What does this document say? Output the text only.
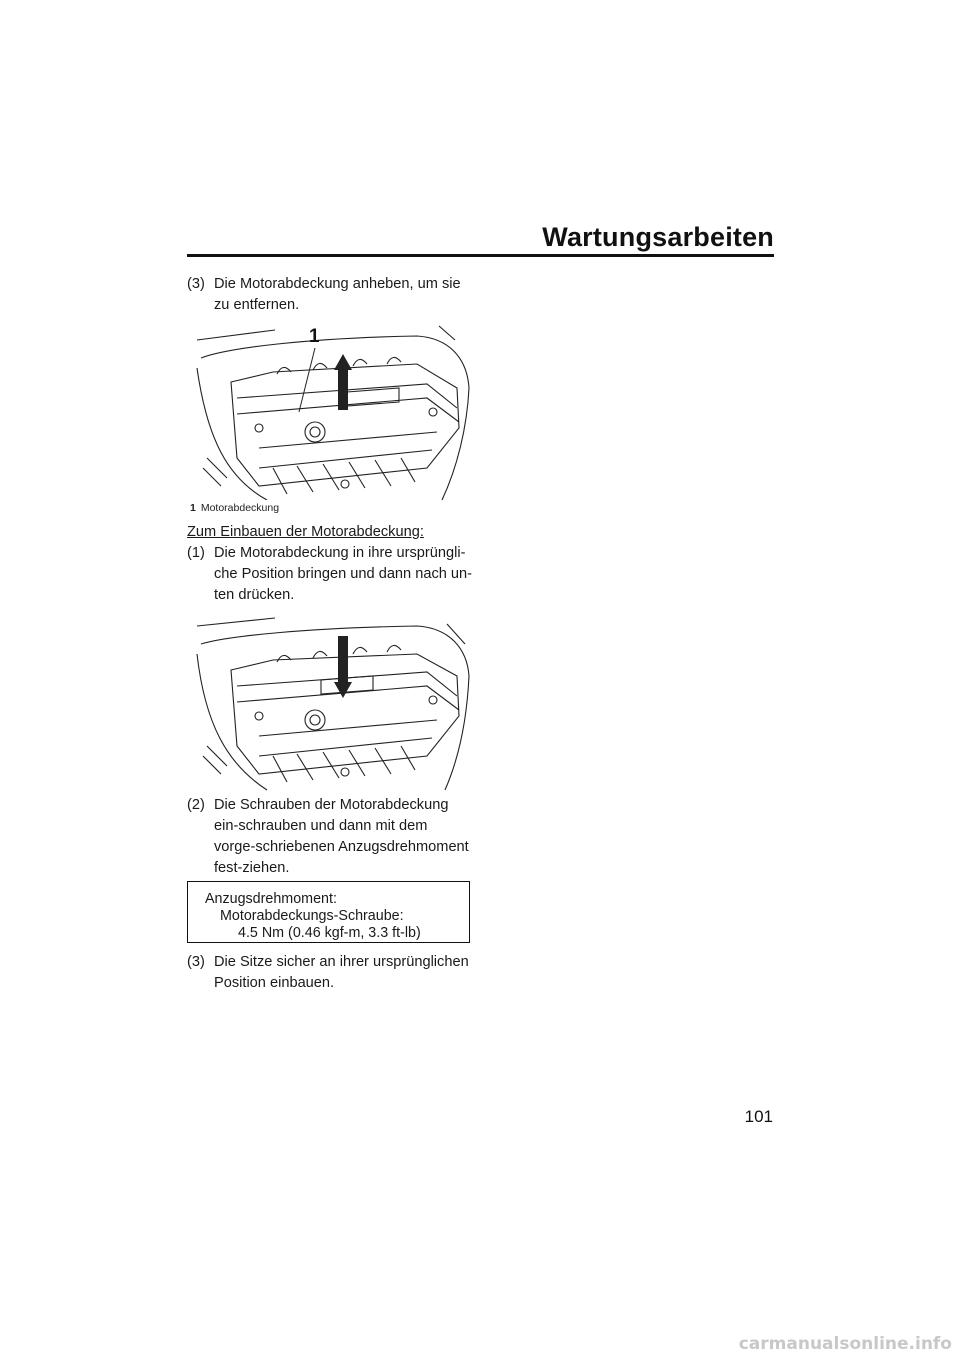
Wartungsarbeiten
(3) Die Motorabdeckung anheben, um sie zu entfernen.
1
1 Motorabdeckung
Zum Einbauen der Motorabdeckung:
(1) Die Motorabdeckung in ihre ursprüngli-che Position bringen und dann nach un-ten drücken.
(2) Die Schrauben der Motorabdeckung ein-schrauben und dann mit dem vorge-schriebenen Anzugsdrehmoment fest-ziehen.
Anzugsdrehmoment:
Motorabdeckungs-Schraube:
4.5 Nm (0.46 kgf-m, 3.3 ft-lb)
(3) Die Sitze sicher an ihrer ursprünglichen Position einbauen.
101
carmanualsonline.info
